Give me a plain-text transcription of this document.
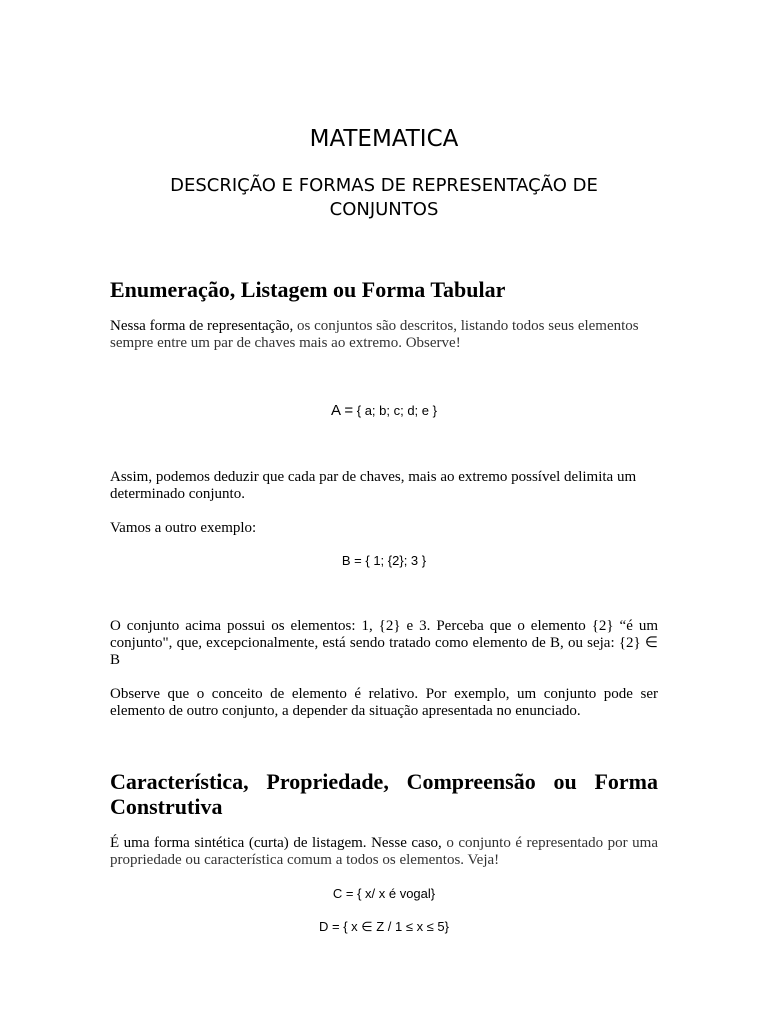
MATEMATICA
DESCRIÇÃO E FORMAS DE REPRESENTAÇÃO DE CONJUNTOS
Enumeração, Listagem ou Forma Tabular
Nessa forma de representação, os conjuntos são descritos, listando todos seus elementos sempre entre um par de chaves mais ao extremo. Observe!
A = { a; b; c; d; e }
Assim, podemos deduzir que cada par de chaves, mais ao extremo possível delimita um determinado conjunto.
Vamos a outro exemplo:
B = { 1; {2}; 3 }
O conjunto acima possui os elementos: 1, {2} e 3. Perceba que o elemento {2} “é um conjunto", que, excepcionalmente, está sendo tratado como elemento de B, ou seja: {2} ∈ B
Observe que o conceito de elemento é relativo. Por exemplo, um conjunto pode ser elemento de outro conjunto, a depender da situação apresentada no enunciado.
Característica, Propriedade, Compreensão ou Forma Construtiva
É uma forma sintética (curta) de listagem. Nesse caso, o conjunto é representado por uma propriedade ou característica comum a todos os elementos. Veja!
C = { x/ x é vogal}
D = { x ∈ Z / 1 ≤ x ≤ 5}
